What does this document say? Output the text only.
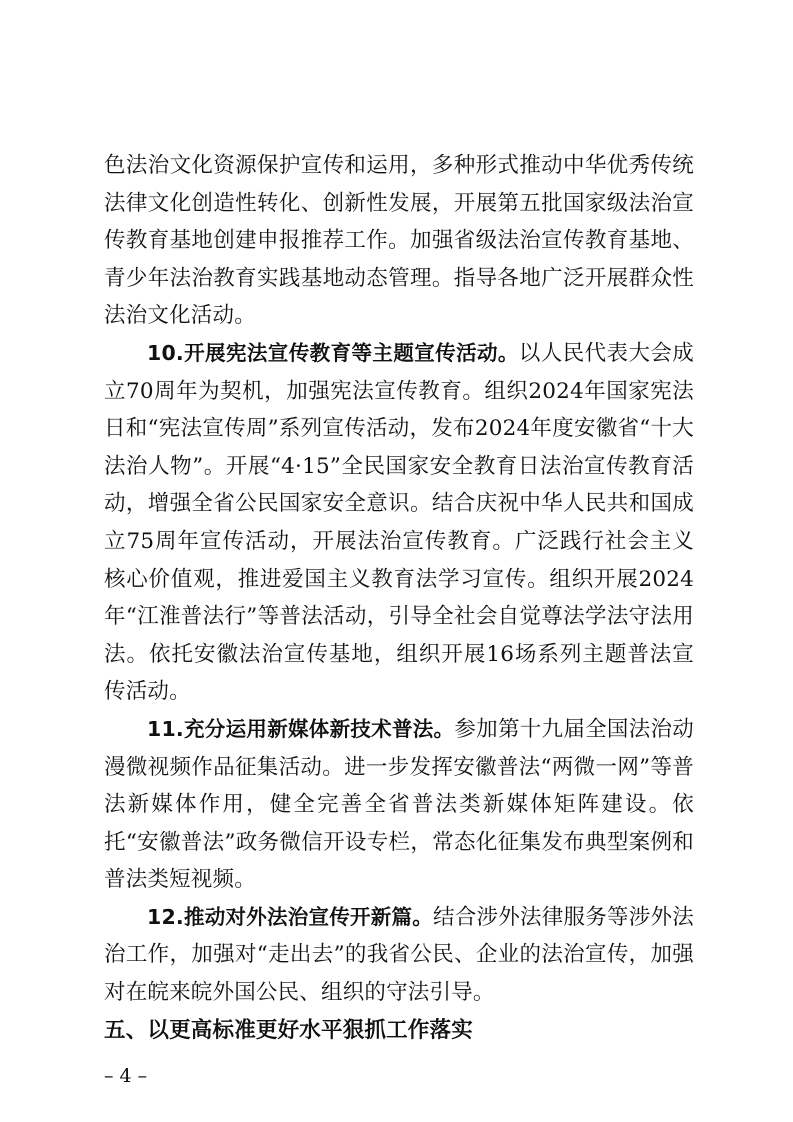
色法治文化资源保护宣传和运用，多种形式推动中华优秀传统法律文化创造性转化、创新性发展，开展第五批国家级法治宣传教育基地创建申报推荐工作。加强省级法治宣传教育基地、青少年法治教育实践基地动态管理。指导各地广泛开展群众性法治文化活动。

10.开展宪法宣传教育等主题宣传活动。以人民代表大会成立70周年为契机，加强宪法宣传教育。组织2024年国家宪法日和“宪法宣传周”系列宣传活动，发布2024年度安徽省“十大法治人物”。开展“4·15”全民国家安全教育日法治宣传教育活动，增强全省公民国家安全意识。结合庆祝中华人民共和国成立75周年宣传活动，开展法治宣传教育。广泛践行社会主义核心价值观，推进爱国主义教育法学习宣传。组织开展2024年“江淮普法行”等普法活动，引导全社会自觉尊法学法守法用法。依托安徽法治宣传基地，组织开展16场系列主题普法宣传活动。

11.充分运用新媒体新技术普法。参加第十九届全国法治动漫微视频作品征集活动。进一步发挥安徽普法“两微一网”等普法新媒体作用，健全完善全省普法类新媒体矩阵建设。依托“安徽普法”政务微信开设专栏，常态化征集发布典型案例和普法类短视频。

12.推动对外法治宣传开新篇。结合涉外法律服务等涉外法治工作，加强对“走出去”的我省公民、企业的法治宣传，加强对在皖来皖外国公民、组织的守法引导。

五、以更高标准更好水平狠抓工作落实

– 4 –
